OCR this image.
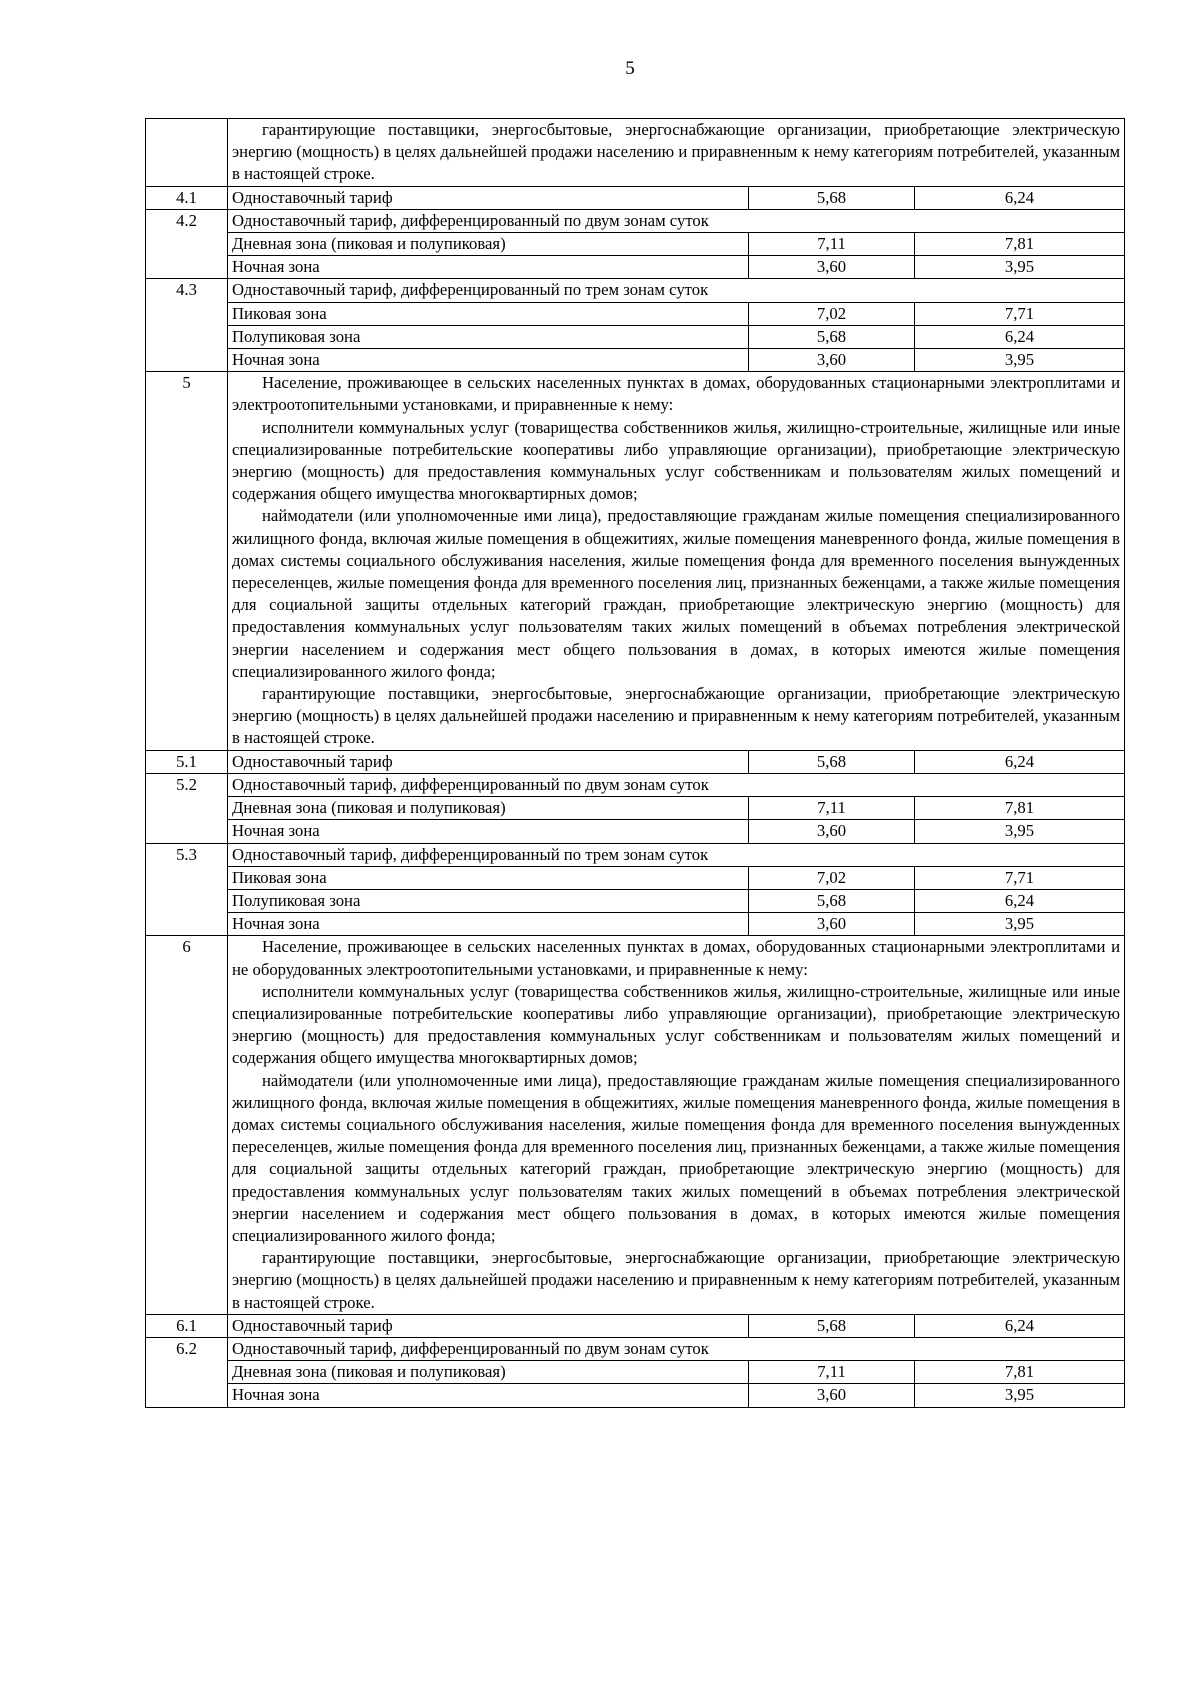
5

	гарантирующие поставщики, энергосбытовые, энергоснабжающие организации, приобретающие электрическую энергию (мощность) в целях дальнейшей продажи населению и приравненным к нему категориям потребителей, указанным в настоящей строке.		

4.1	Одноставочный тариф	5,68	6,24
4.2	Одноставочный тариф, дифференцированный по двум зонам суток		
	Дневная зона (пиковая и полупиковая)	7,11	7,81
	Ночная зона	3,60	3,95
4.3	Одноставочный тариф, дифференцированный по трем зонам суток		
	Пиковая зона	7,02	7,71
	Полупиковая зона	5,68	6,24
	Ночная зона	3,60	3,95
5	Население, проживающее в сельских населенных пунктах в домах, оборудованных стационарными электроплитами и электроотопительными установками, и приравненные к нему:

исполнители коммунальных услуг (товарищества собственников жилья, жилищно-строительные, жилищные или иные специализированные потребительские кооперативы либо управляющие организации), приобретающие электрическую энергию (мощность) для предоставления коммунальных услуг собственникам и пользователям жилых помещений и содержания общего имущества многоквартирных домов;

наймодатели (или уполномоченные ими лица), предоставляющие гражданам жилые помещения специализированного жилищного фонда, включая жилые помещения в общежитиях, жилые помещения маневренного фонда, жилые помещения в домах системы социального обслуживания населения, жилые помещения фонда для временного поселения вынужденных переселенцев, жилые помещения фонда для временного поселения лиц, признанных беженцами, а также жилые помещения для социальной защиты отдельных категорий граждан, приобретающие электрическую энергию (мощность) для предоставления коммунальных услуг пользователям таких жилых помещений в объемах потребления электрической энергии населением и содержания мест общего пользования в домах, в которых имеются жилые помещения специализированного жилого фонда;

гарантирующие поставщики, энергосбытовые, энергоснабжающие организации, приобретающие электрическую энергию (мощность) в целях дальнейшей продажи населению и приравненным к нему категориям потребителей, указанным в настоящей строке.		

5.1	Одноставочный тариф	5,68	6,24
5.2	Одноставочный тариф, дифференцированный по двум зонам суток		
	Дневная зона (пиковая и полупиковая)	7,11	7,81
	Ночная зона	3,60	3,95
5.3	Одноставочный тариф, дифференцированный по трем зонам суток		
	Пиковая зона	7,02	7,71
	Полупиковая зона	5,68	6,24
	Ночная зона	3,60	3,95
6	Население, проживающее в сельских населенных пунктах в домах, оборудованных стационарными электроплитами и не оборудованных электроотопительными установками, и приравненные к нему:

исполнители коммунальных услуг (товарищества собственников жилья, жилищно-строительные, жилищные или иные специализированные потребительские кооперативы либо управляющие организации), приобретающие электрическую энергию (мощность) для предоставления коммунальных услуг собственникам и пользователям жилых помещений и содержания общего имущества многоквартирных домов;

наймодатели (или уполномоченные ими лица), предоставляющие гражданам жилые помещения специализированного жилищного фонда, включая жилые помещения в общежитиях, жилые помещения маневренного фонда, жилые помещения в домах системы социального обслуживания населения, жилые помещения фонда для временного поселения вынужденных переселенцев, жилые помещения фонда для временного поселения лиц, признанных беженцами, а также жилые помещения для социальной защиты отдельных категорий граждан, приобретающие электрическую энергию (мощность) для предоставления коммунальных услуг пользователям таких жилых помещений в объемах потребления электрической энергии населением и содержания мест общего пользования в домах, в которых имеются жилые помещения специализированного жилого фонда;

гарантирующие поставщики, энергосбытовые, энергоснабжающие организации, приобретающие электрическую энергию (мощность) в целях дальнейшей продажи населению и приравненным к нему категориям потребителей, указанным в настоящей строке.		

6.1	Одноставочный тариф	5,68	6,24
6.2	Одноставочный тариф, дифференцированный по двум зонам суток		
	Дневная зона (пиковая и полупиковая)	7,11	7,81
	Ночная зона	3,60	3,95
